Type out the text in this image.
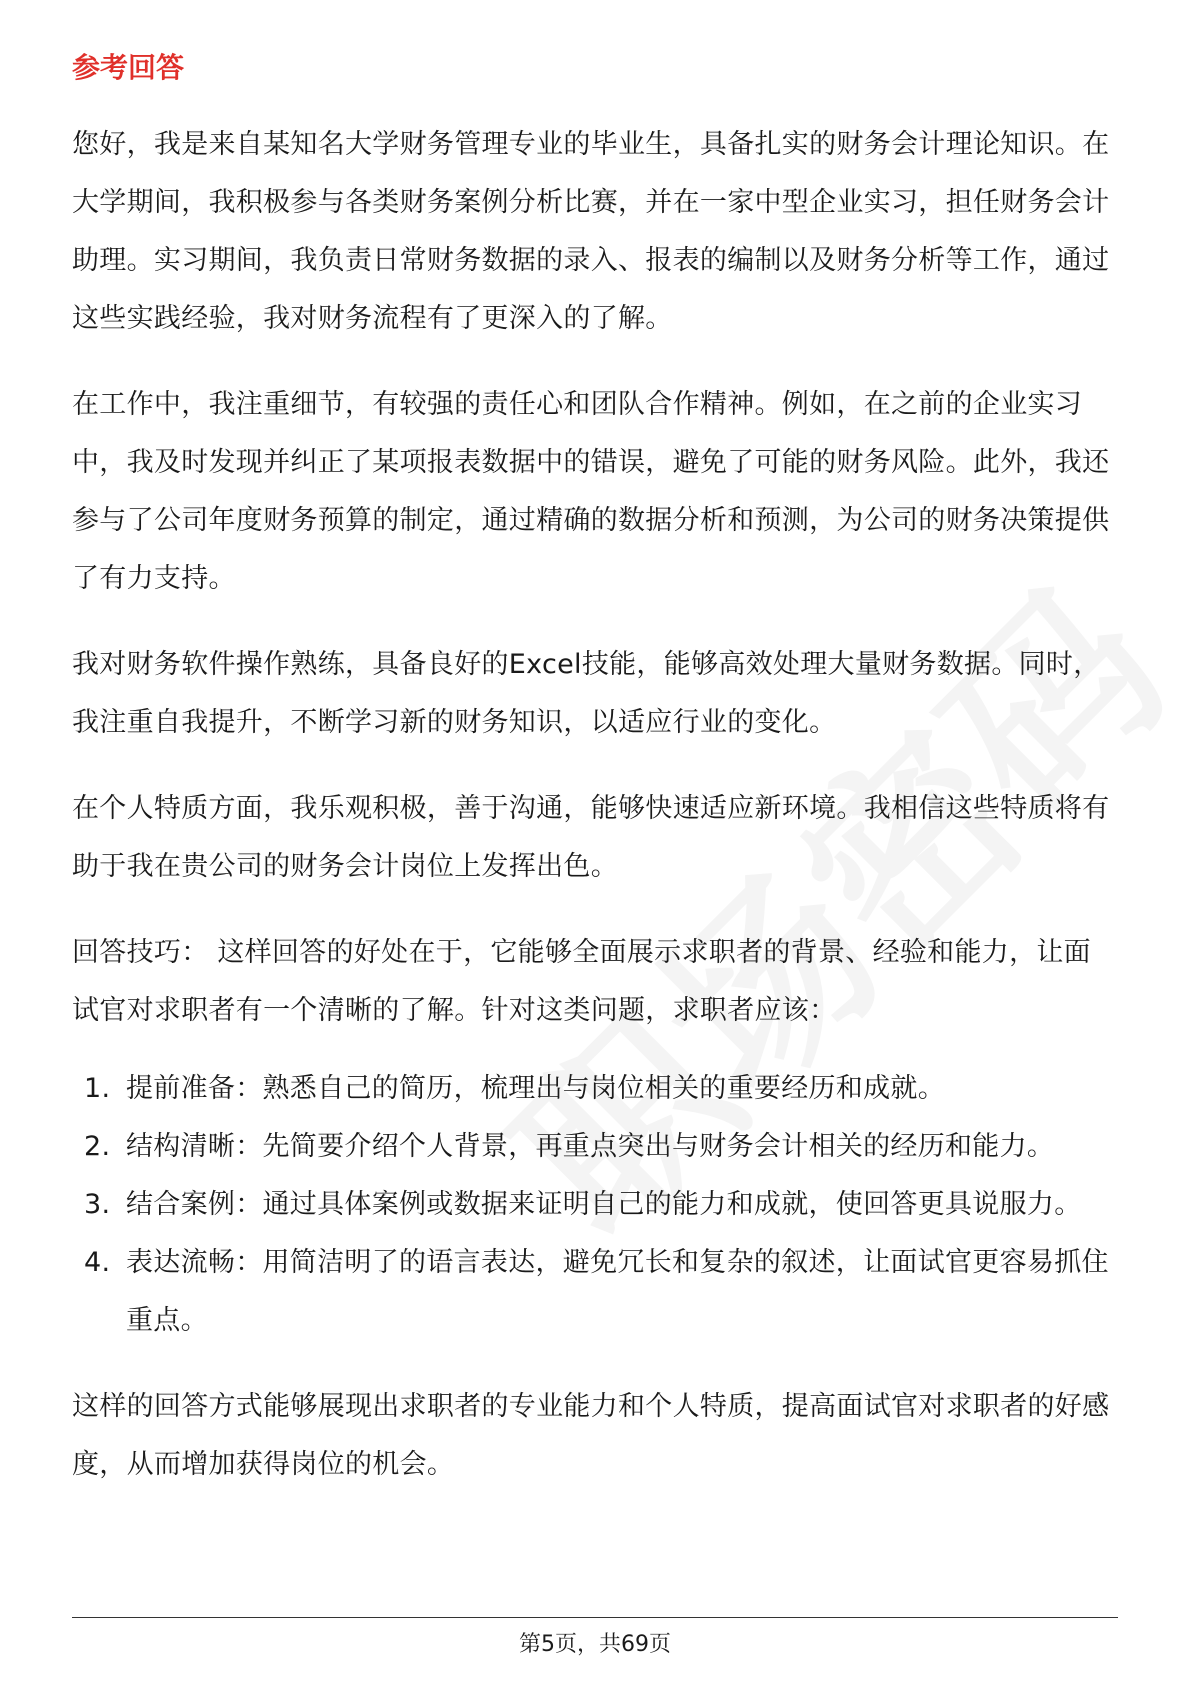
参考回答

您好，我是来自某知名大学财务管理专业的毕业生，具备扎实的财务会计理论知识。在大学期间，我积极参与各类财务案例分析比赛，并在一家中型企业实习，担任财务会计助理。实习期间，我负责日常财务数据的录入、报表的编制以及财务分析等工作，通过这些实践经验，我对财务流程有了更深入的了解。

在工作中，我注重细节，有较强的责任心和团队合作精神。例如，在之前的企业实习中，我及时发现并纠正了某项报表数据中的错误，避免了可能的财务风险。此外，我还参与了公司年度财务预算的制定，通过精确的数据分析和预测，为公司的财务决策提供了有力支持。

我对财务软件操作熟练，具备良好的Excel技能，能够高效处理大量财务数据。同时，我注重自我提升，不断学习新的财务知识，以适应行业的变化。

在个人特质方面，我乐观积极，善于沟通，能够快速适应新环境。我相信这些特质将有助于我在贵公司的财务会计岗位上发挥出色。

回答技巧： 这样回答的好处在于，它能够全面展示求职者的背景、经验和能力，让面试官对求职者有一个清晰的了解。针对这类问题，求职者应该：

1. 提前准备：熟悉自己的简历，梳理出与岗位相关的重要经历和成就。
2. 结构清晰：先简要介绍个人背景，再重点突出与财务会计相关的经历和能力。
3. 结合案例：通过具体案例或数据来证明自己的能力和成就，使回答更具说服力。
4. 表达流畅：用简洁明了的语言表达，避免冗长和复杂的叙述，让面试官更容易抓住重点。

这样的回答方式能够展现出求职者的专业能力和个人特质，提高面试官对求职者的好感度，从而增加获得岗位的机会。

第5页，共69页
